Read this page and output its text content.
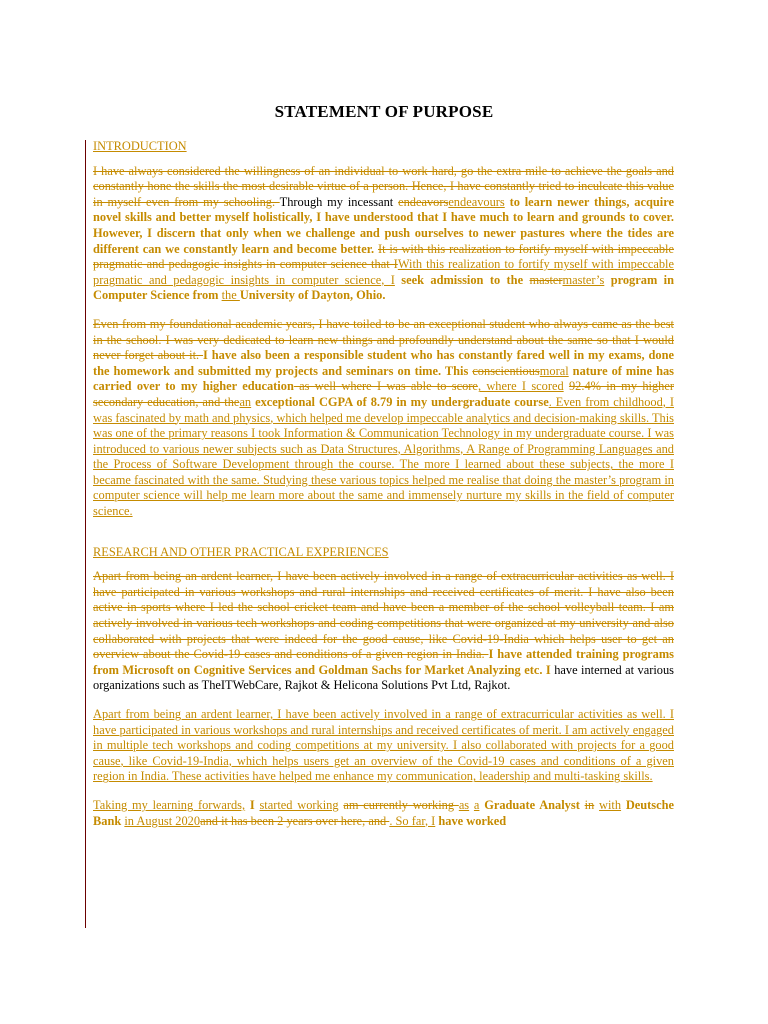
STATEMENT OF PURPOSE
INTRODUCTION

I have always considered the willingness of an individual to work hard, go the extra mile to achieve the goals and constantly hone the skills the most desirable virtue of a person. Hence, I have constantly tried to inculcate this value in myself even from my schooling. Through my incessant endeavorsendeavours to learn newer things, acquire novel skills and better myself holistically, I have understood that I have much to learn and grounds to cover. However, I discern that only when we challenge and push ourselves to newer pastures where the tides are different can we constantly learn and become better. It is with this realization to fortify myself with impeccable pragmatic and pedagogic insights in computer science that IWith this realization to fortify myself with impeccable pragmatic and pedagogic insights in computer science, I seek admission to the mastermaster’s program in Computer Science from the University of Dayton, Ohio.

Even from my foundational academic years, I have toiled to be an exceptional student who always came as the best in the school. I was very dedicated to learn new things and profoundly understand about the same so that I would never forget about it. I have also been a responsible student who has constantly fared well in my exams, done the homework and submitted my projects and seminars on time. This conscientiousmoral nature of mine has carried over to my higher education as well where I was able to score, where I scored 92.4% in my higher secondary education, and thean exceptional CGPA of 8.79 in my undergraduate course. Even from childhood, I was fascinated by math and physics, which helped me develop impeccable analytics and decision-making skills. This was one of the primary reasons I took Information & Communication Technology in my undergraduate course. I was introduced to various newer subjects such as Data Structures, Algorithms, A Range of Programming Languages and the Process of Software Development through the course. The more I learned about these subjects, the more I became fascinated with the same. Studying these various topics helped me realise that doing the master’s program in computer science will help me learn more about the same and immensely nurture my skills in the field of computer science.

RESEARCH AND OTHER PRACTICAL EXPERIENCES

Apart from being an ardent learner, I have been actively involved in a range of extracurricular activities as well. I have participated in various workshops and rural internships and received certificates of merit. I have also been active in sports where I led the school cricket team and have been a member of the school volleyball team. I am actively involved in various tech workshops and coding competitions that were organized at my university and also collaborated with projects that were indeed for the good cause, like Covid-19-India which helps user to get an overview about the Covid-19 cases and conditions of a given region in India. I have attended training programs from Microsoft on Cognitive Services and Goldman Sachs for Market Analyzing etc. I have interned at various organizations such as TheITWebCare, Rajkot & Helicona Solutions Pvt Ltd, Rajkot.

Apart from being an ardent learner, I have been actively involved in a range of extracurricular activities as well. I have participated in various workshops and rural internships and received certificates of merit. I am actively engaged in multiple tech workshops and coding competitions at my university. I also collaborated with projects for a good cause, like Covid-19-India, which helps users get an overview of the Covid-19 cases and conditions of a given region in India. These activities have helped me enhance my communication, leadership and multi-tasking skills.

Taking my learning forwards, I started working am currently working as a Graduate Analyst in with Deutsche Bank in August 2020and it has been 2 years over here, and . So far, I have worked
